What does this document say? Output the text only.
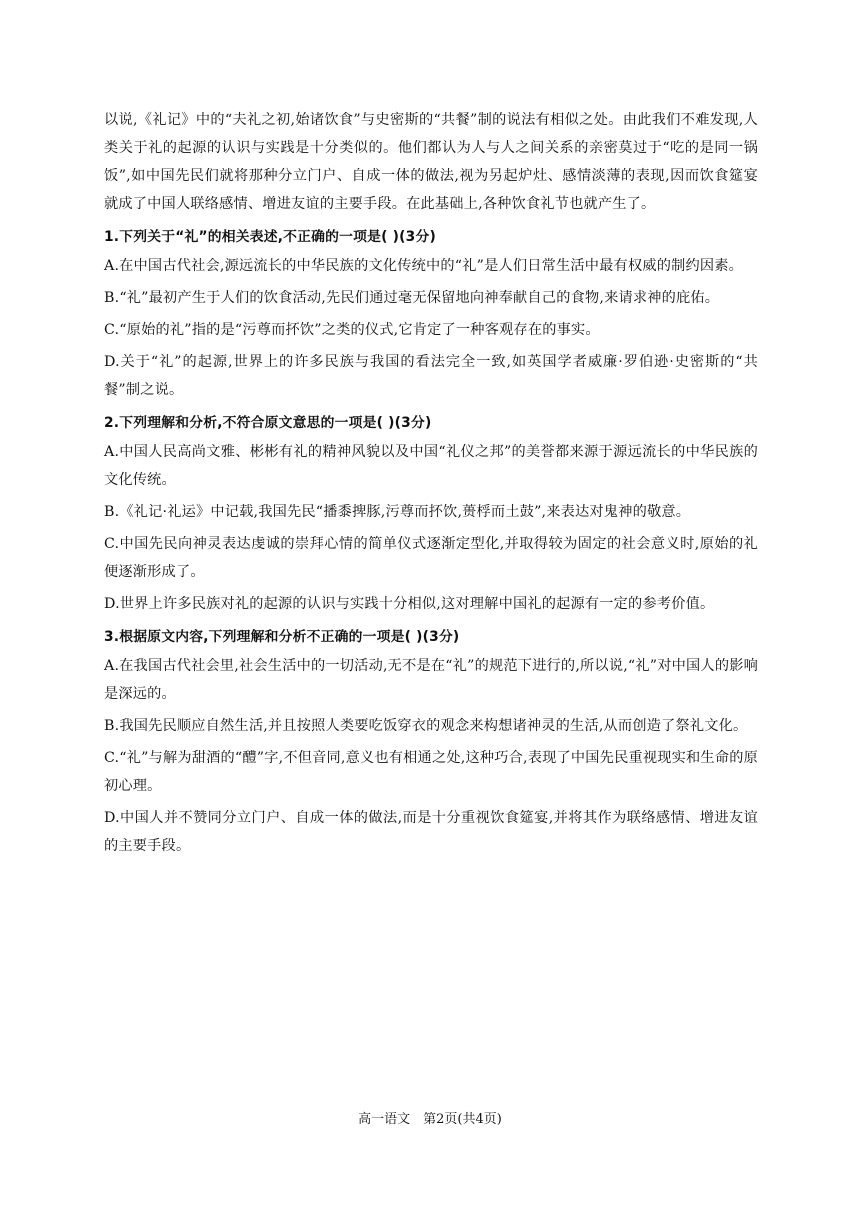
以说,《礼记》中的“夫礼之初,始诸饮食”与史密斯的“共餐”制的说法有相似之处。由此我们不难发现,人类关于礼的起源的认识与实践是十分类似的。他们都认为人与人之间关系的亲密莫过于“吃的是同一锅饭”,如中国先民们就将那种分立门户、自成一体的做法,视为另起炉灶、感情淡薄的表现,因而饮食筵宴就成了中国人联络感情、增进友谊的主要手段。在此基础上,各种饮食礼节也就产生了。

1.下列关于“礼”的相关表述,不正确的一项是( )(3分)

A.在中国古代社会,源远流长的中华民族的文化传统中的“礼”是人们日常生活中最有权威的制约因素。

B.“礼”最初产生于人们的饮食活动,先民们通过毫无保留地向神奉献自己的食物,来请求神的庇佑。

C.“原始的礼”指的是“污尊而抔饮”之类的仪式,它肯定了一种客观存在的事实。

D.关于“礼”的起源,世界上的许多民族与我国的看法完全一致,如英国学者威廉·罗伯逊·史密斯的“共餐”制之说。

2.下列理解和分析,不符合原文意思的一项是( )(3分)

A.中国人民高尚文雅、彬彬有礼的精神风貌以及中国“礼仪之邦”的美誉都来源于源远流长的中华民族的文化传统。

B.《礼记·礼运》中记载,我国先民“播黍捭豚,污尊而抔饮,蒉桴而土鼓”,来表达对鬼神的敬意。

C.中国先民向神灵表达虔诚的崇拜心情的简单仪式逐渐定型化,并取得较为固定的社会意义时,原始的礼便逐渐形成了。

D.世界上许多民族对礼的起源的认识与实践十分相似,这对理解中国礼的起源有一定的参考价值。

3.根据原文内容,下列理解和分析不正确的一项是( )(3分)

A.在我国古代社会里,社会生活中的一切活动,无不是在“礼”的规范下进行的,所以说,“礼”对中国人的影响是深远的。

B.我国先民顺应自然生活,并且按照人类要吃饭穿衣的观念来构想诸神灵的生活,从而创造了祭礼文化。

C.“礼”与解为甜酒的“醴”字,不但音同,意义也有相通之处,这种巧合,表现了中国先民重视现实和生命的原初心理。

D.中国人并不赞同分立门户、自成一体的做法,而是十分重视饮食筵宴,并将其作为联络感情、增进友谊的主要手段。

高一语文　第2页(共4页)
